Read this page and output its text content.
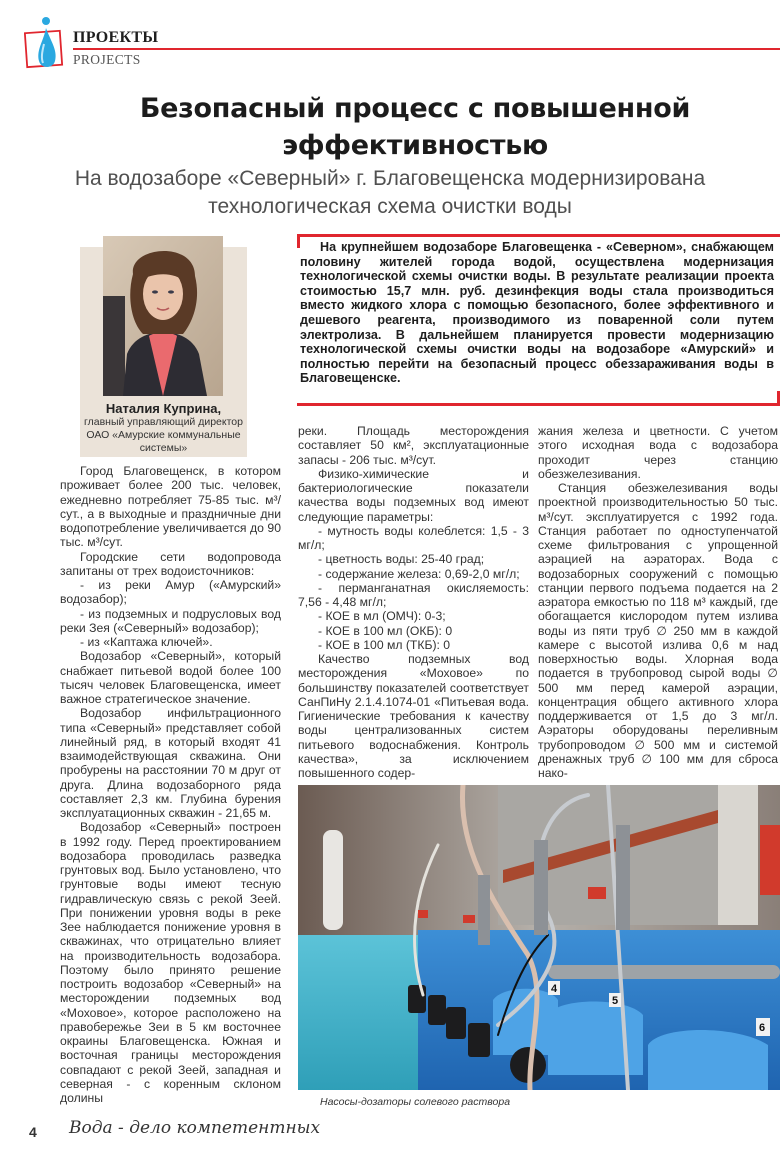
ПРОЕКТЫ
PROJECTS
Безопасный процесс с повышенной эффективностью
На водозаборе «Северный» г. Благовещенска модернизирована технологическая схема очистки воды
Наталия Куприна,
главный управляющий директор ОАО «Амурские коммунальные системы»
На крупнейшем водозаборе Благовещенка - «Северном», снабжающем половину жителей города водой, осуществлена модернизация технологической схемы очистки воды. В результате реализации проекта стоимостью 15,7 млн. руб. дезинфекция воды стала производиться вместо жидкого хлора с помощью безопасного, более эффективного и дешевого реагента, производимого из поваренной соли путем электролиза. В дальнейшем планируется провести модернизацию технологической схемы очистки воды на водозаборе «Амурский» и полностью перейти на безопасный процесс обеззараживания воды в Благовещенске.

Город Благовещенск, в котором проживает более 200 тыс. человек, ежедневно потребляет 75-85 тыс. м³/сут., а в выходные и праздничные дни водопотребление увеличивается до 90 тыс. м³/сут.

Городские сети водопровода запитаны от трех водоисточников:

- из реки Амур («Амурский» водозабор);

- из подземных и подрусловых вод реки Зея («Северный» водозабор);

- из «Каптажа ключей».

Водозабор «Северный», который снабжает питьевой водой более 100 тысяч человек Благовещенска, имеет важное стратегическое значение.

Водозабор инфильтрационного типа «Северный» представляет собой линейный ряд, в который входят 41 взаимодействующая скважина. Они пробурены на расстоянии 70 м друг от друга. Длина водозаборного ряда составляет 2,3 км. Глубина бурения эксплуатационных скважин - 21,65 м.

Водозабор «Северный» построен в 1992 году. Перед проектированием водозабора проводилась разведка грунтовых вод. Было установлено, что грунтовые воды имеют тесную гидравлическую связь с рекой Зеей. При понижении уровня воды в реке Зее наблюдается понижение уровня в скважинах, что отрицательно влияет на производительность водозабора. Поэтому было принято решение построить водозабор «Северный» на месторождении подземных вод «Моховое», которое расположено на правобережье Зеи в 5 км восточнее окраины Благовещенска. Южная и восточная границы месторождения совпадают с рекой Зеей, западная и северная - с коренным склоном долины

реки. Площадь месторождения составляет 50 км², эксплуатационные запасы - 206 тыс. м³/сут.

Физико-химические и бактериологические показатели качества воды подземных вод имеют следующие параметры:

- мутность воды колеблется: 1,5 - 3 мг/л;

- цветность воды: 25-40 град;

- содержание железа: 0,69-2,0 мг/л;

- перманганатная окисляемость: 7,56 - 4,48 мг/л;

- КОЕ в мл (ОМЧ): 0-3;

- КОЕ в 100 мл (ОКБ): 0

- КОЕ в 100 мл (ТКБ): 0

Качество подземных вод месторождения «Моховое» по большинству показателей соответствует СанПиНу 2.1.4.1074-01 «Питьевая вода. Гигиенические требования к качеству воды централизованных систем питьевого водоснабжения. Контроль качества», за исключением повышенного содер-

жания железа и цветности. С учетом этого исходная вода с водозабора проходит через станцию обезжелезивания.

Станция обезжелезивания воды проектной производительностью 50 тыс. м³/сут. эксплуатируется с 1992 года. Станция работает по одноступенчатой схеме фильтрования с упрощенной аэрацией на аэраторах. Вода с водозаборных сооружений с помощью станции первого подъема подается на 2 аэратора емкостью по 118 м³ каждый, где обогащается кислородом путем излива воды из пяти труб ∅ 250 мм в каждой камере с высотой излива 0,6 м над поверхностью воды. Хлорная вода подается в трубопровод сырой воды ∅ 500 мм перед камерой аэрации, концентрация общего активного хлора поддерживается от 1,5 до 3 мг/л. Аэраторы оборудованы переливным трубопроводом ∅ 500 мм и системой дренажных труб ∅ 100 мм для сброса нако-

4
5
6
Насосы-дозаторы солевого раствора
4 Вода - дело компетентных
